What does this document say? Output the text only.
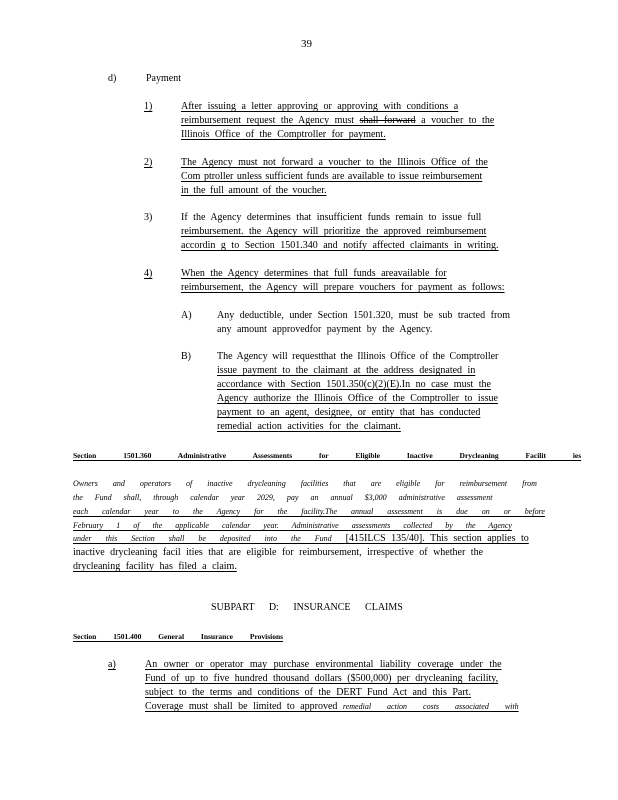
39
d)	Payment
1)	After issuing a letter approving or approving with conditions a
reimbursement request the Agency must shall forward a voucher to the
Illinois Office of the Comptroller for payment.
2)	The Agency must not forward a voucher to the Illinois Office of the
Com ptroller unless sufficient funds are available to issue reimbursement
in the full amount of the voucher.
3)	If the Agency determines that insufficient funds remain to issue full
reimbursement. the Agency will prioritize the approved reimbursement
accordin g to Section 1501.340 and notify affected claimants in writing.
4)	When the Agency determines that full funds areavailable for
reimbursement, the Agency will prepare vouchers for payment as follows:
A)	Any deductible, under Section 1501.320, must be sub tracted from
any amount approvedfor payment by the Agency.
B)	The Agency will requestthat the Illinois Office of the Comptroller
issue payment to the claimant at the address designated in
accordance with Section 1501.350(c)(2)(E).In no case must the
Agency authorize the Illinois Office of the Comptroller to issue
payment to an agent, designee, or entity that has conducted
remedial action activities for the claimant.
Section 1501.360 Administrative Assessments for Eligible Inactive Drycleaning Facilit ies
Owners and operators of inactive drycleaning facilities that are eligible for reimbursement from
the Fund shall, through calendar year 2029, pay an annual $3,000 administrative assessment
each calendar year to the Agency for the facility.The annual assessment is due on or before
February 1 of the applicable calendar year. Administrative assessments collected by the Agency
under this Section shall be deposited into the Fund [415ILCS 135/40]. This section applies to
inactive drycleaning facil ities that are eligible for reimbursement, irrespective of whether the
drycleaning facility has filed a claim.
SUBPART D: INSURANCE CLAIMS
Section 1501.400 General Insurance Provisions
a)	An owner or operator may purchase environmental liability coverage under the
Fund of up to five hundred thousand dollars ($500,000) per drycleaning facility,
subject to the terms and conditions of the DERT Fund Act and this Part.
Coverage must shall be limited to approved remedial action costs associated with
